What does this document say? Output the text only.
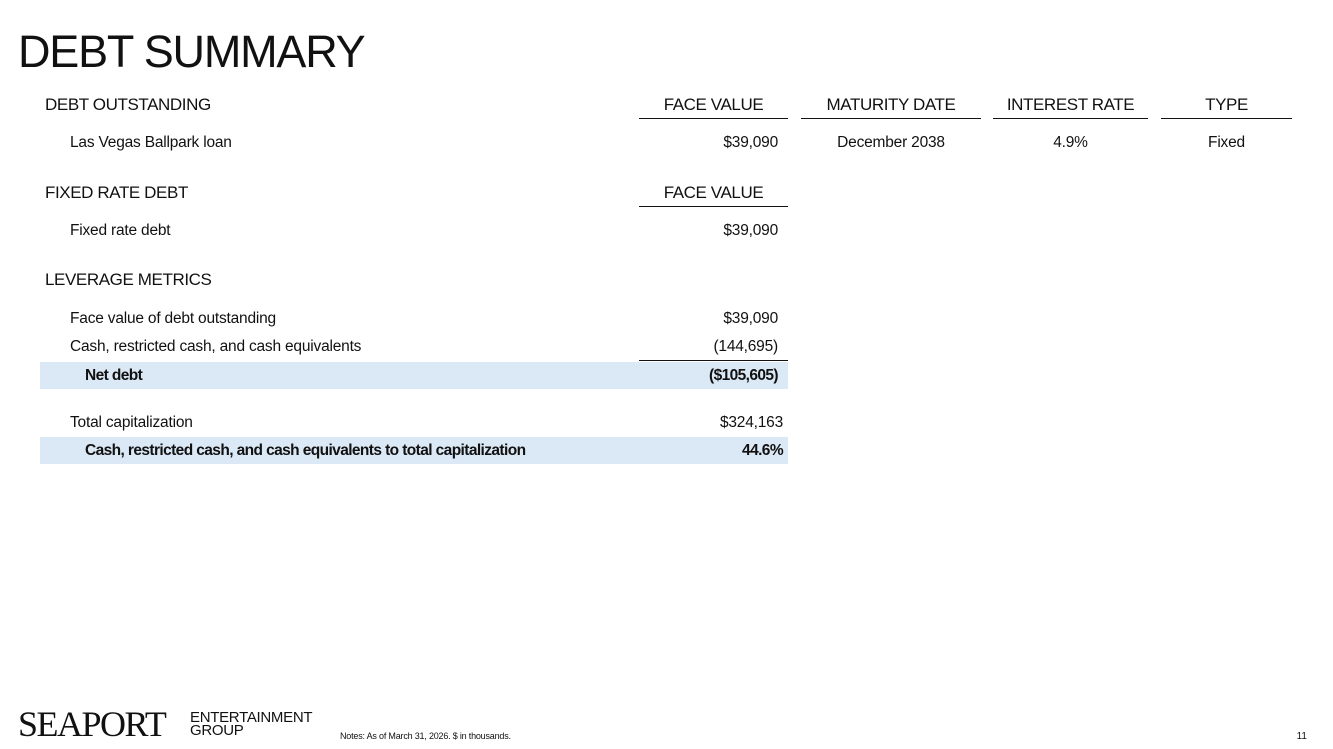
DEBT SUMMARY
DEBT OUTSTANDING	FACE VALUE	MATURITY DATE	INTEREST RATE	TYPE
Las Vegas Ballpark loan	$39,090	December 2038	4.9%	Fixed
FIXED RATE DEBT	FACE VALUE
Fixed rate debt	$39,090
LEVERAGE METRICS
Face value of debt outstanding	$39,090
Cash, restricted cash, and cash equivalents	(144,695)
Net debt	($105,605)
Total capitalization	$324,163
Cash, restricted cash, and cash equivalents to total capitalization	44.6%
SEAPORT ENTERTAINMENT
GROUP	Notes: As of March 31, 2026. $ in thousands.	11
